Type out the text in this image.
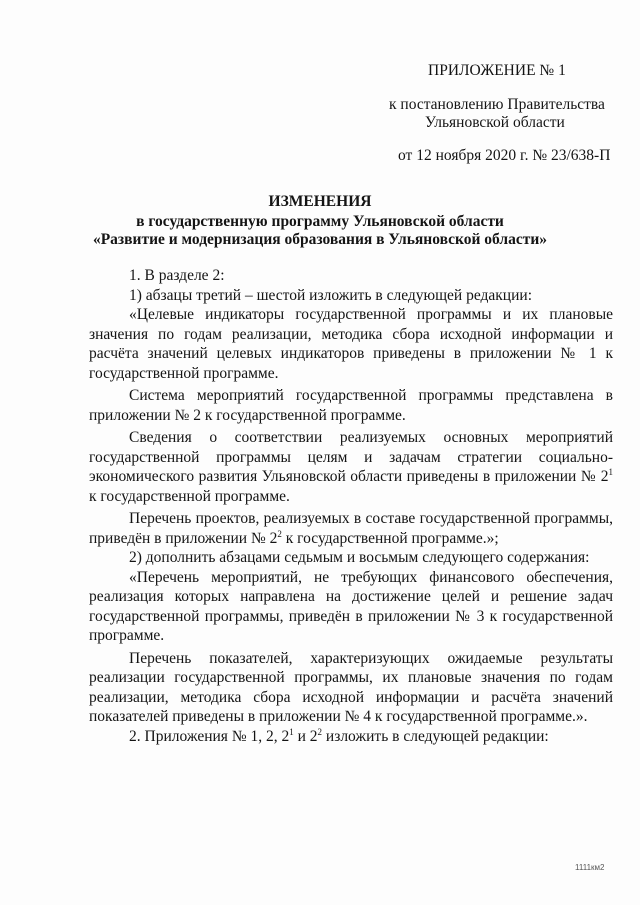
ПРИЛОЖЕНИЕ № 1
к постановлению Правительства
Ульяновской области
от 12 ноября 2020 г. № 23/638-П
ИЗМЕНЕНИЯ
в государственную программу Ульяновской области
«Развитие и модернизация образования в Ульяновской области»

1. В разделе 2:

1) абзацы третий – шестой изложить в следующей редакции:

«Целевые индикаторы государственной программы и их плановые значения по годам реализации, методика сбора исходной информации и расчёта значений целевых индикаторов приведены в приложении № 1 к государственной программе.

Система мероприятий государственной программы представлена в приложении № 2 к государственной программе.

Сведения о соответствии реализуемых основных мероприятий государственной программы целям и задачам стратегии социально-экономического развития Ульяновской области приведены в приложении № $2^1$ к государственной программе.

Перечень проектов, реализуемых в составе государственной программы, приведён в приложении № $2^2$ к государственной программе.»;

2) дополнить абзацами седьмым и восьмым следующего содержания:

«Перечень мероприятий, не требующих финансового обеспечения, реализация которых направлена на достижение целей и решение задач государственной программы, приведён в приложении № 3 к государственной программе.

Перечень показателей, характеризующих ожидаемые результаты реализации государственной программы, их плановые значения по годам реализации, методика сбора исходной информации и расчёта значений показателей приведены в приложении № 4 к государственной программе.».

2. Приложения № 1, 2, $2^1$ и $2^2$ изложить в следующей редакции:

1111км2
